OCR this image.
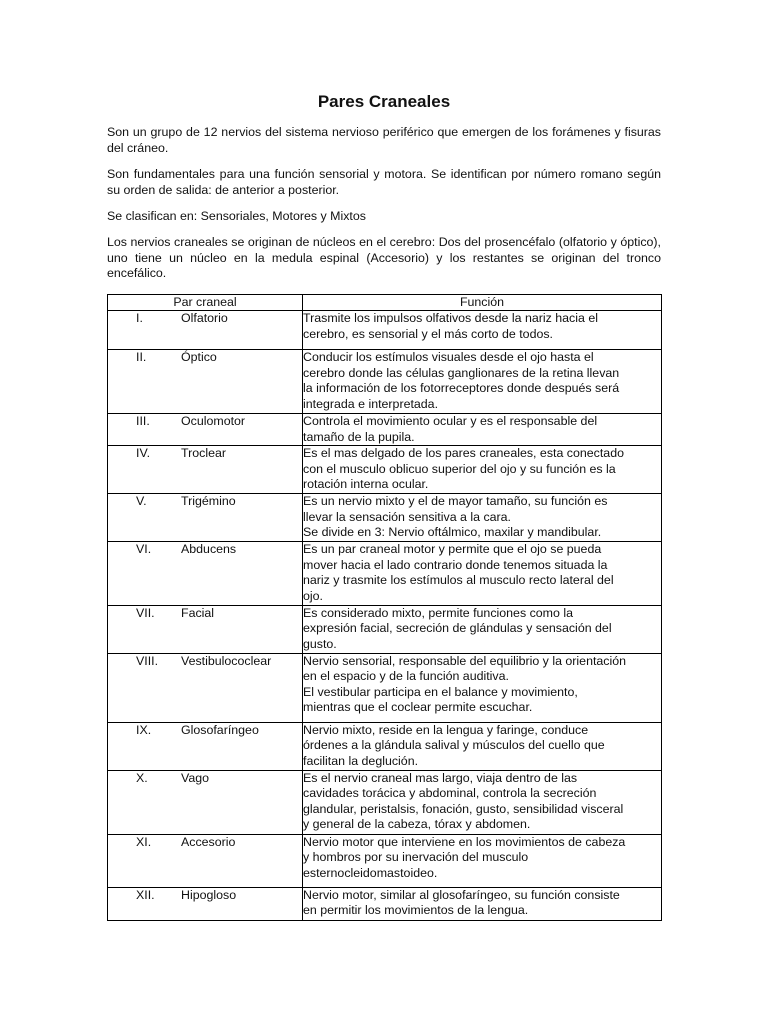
Pares Craneales

Son un grupo de 12 nervios del sistema nervioso periférico que emergen de los forámenes y fisuras del cráneo.

Son fundamentales para una función sensorial y motora. Se identifican por número romano según su orden de salida: de anterior a posterior.

Se clasifican en: Sensoriales, Motores y Mixtos

Los nervios craneales se originan de núcleos en el cerebro: Dos del prosencéfalo (olfatorio y óptico), uno tiene un núcleo en la medula espinal (Accesorio) y los restantes se originan del tronco encefálico.

Par craneal	Función
I. Olfatorio	Trasmite los impulsos olfativos desde la nariz hacia el
cerebro, es sensorial y el más corto de todos.

II. Óptico	Conducir los estímulos visuales desde el ojo hasta el
cerebro donde las células ganglionares de la retina llevan
la información de los fotorreceptores donde después será
integrada e interpretada.

III. Oculomotor	Controla el movimiento ocular y es el responsable del
tamaño de la pupila.

IV. Troclear	Es el mas delgado de los pares craneales, esta conectado
con el musculo oblicuo superior del ojo y su función es la
rotación interna ocular.

V. Trigémino	Es un nervio mixto y el de mayor tamaño, su función es
llevar la sensación sensitiva a la cara.
Se divide en 3: Nervio oftálmico, maxilar y mandibular.

VI. Abducens	Es un par craneal motor y permite que el ojo se pueda
mover hacia el lado contrario donde tenemos situada la
nariz y trasmite los estímulos al musculo recto lateral del
ojo.

VII. Facial	Es considerado mixto, permite funciones como la
expresión facial, secreción de glándulas y sensación del
gusto.

VIII. Vestibulococlear	Nervio sensorial, responsable del equilibrio y la orientación
en el espacio y de la función auditiva.
El vestibular participa en el balance y movimiento,
mientras que el coclear permite escuchar.

IX. Glosofaríngeo	Nervio mixto, reside en la lengua y faringe, conduce
órdenes a la glándula salival y músculos del cuello que
facilitan la deglución.

X. Vago	Es el nervio craneal mas largo, viaja dentro de las
cavidades torácica y abdominal, controla la secreción
glandular, peristalsis, fonación, gusto, sensibilidad visceral
y general de la cabeza, tórax y abdomen.

XI. Accesorio	Nervio motor que interviene en los movimientos de cabeza
y hombros por su inervación del musculo
esternocleidomastoideo.

XII. Hipogloso	Nervio motor, similar al glosofaríngeo, su función consiste
en permitir los movimientos de la lengua.
